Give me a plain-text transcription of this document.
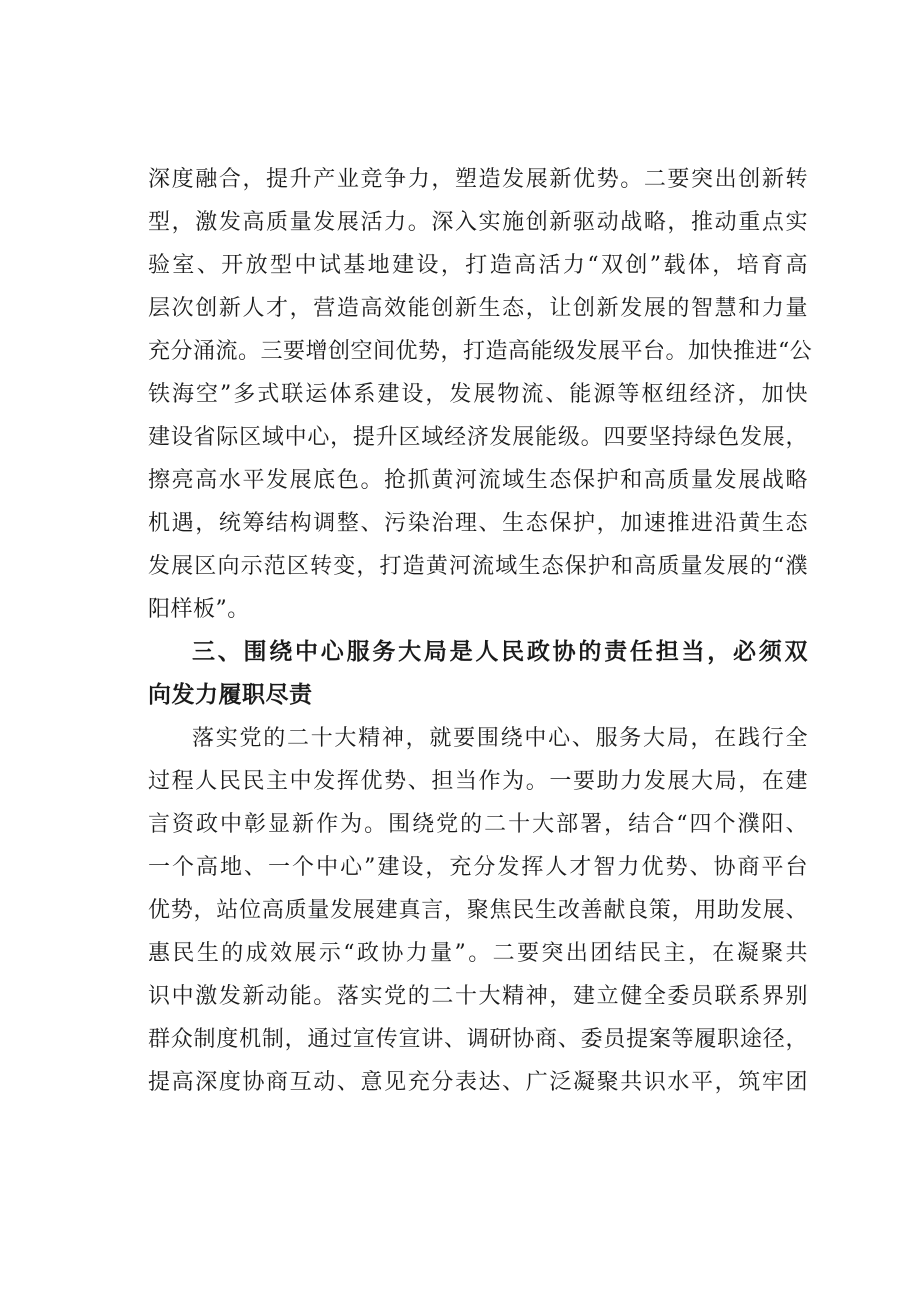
深度融合，提升产业竞争力，塑造发展新优势。二要突出创新转
型，激发高质量发展活力。深入实施创新驱动战略，推动重点实
验室、开放型中试基地建设，打造高活力“双创”载体，培育高
层次创新人才，营造高效能创新生态，让创新发展的智慧和力量
充分涌流。三要增创空间优势，打造高能级发展平台。加快推进“公
铁海空”多式联运体系建设，发展物流、能源等枢纽经济，加快
建设省际区域中心，提升区域经济发展能级。四要坚持绿色发展，
擦亮高水平发展底色。抢抓黄河流域生态保护和高质量发展战略
机遇，统筹结构调整、污染治理、生态保护，加速推进沿黄生态
发展区向示范区转变，打造黄河流域生态保护和高质量发展的“濮
阳样板”。
三、围绕中心服务大局是人民政协的责任担当，必须双
向发力履职尽责
落实党的二十大精神，就要围绕中心、服务大局，在践行全
过程人民民主中发挥优势、担当作为。一要助力发展大局，在建
言资政中彰显新作为。围绕党的二十大部署，结合“四个濮阳、
一个高地、一个中心”建设，充分发挥人才智力优势、协商平台
优势，站位高质量发展建真言，聚焦民生改善献良策，用助发展、
惠民生的成效展示“政协力量”。二要突出团结民主，在凝聚共
识中激发新动能。落实党的二十大精神，建立健全委员联系界别
群众制度机制，通过宣传宣讲、调研协商、委员提案等履职途径，
提高深度协商互动、意见充分表达、广泛凝聚共识水平，筑牢团
